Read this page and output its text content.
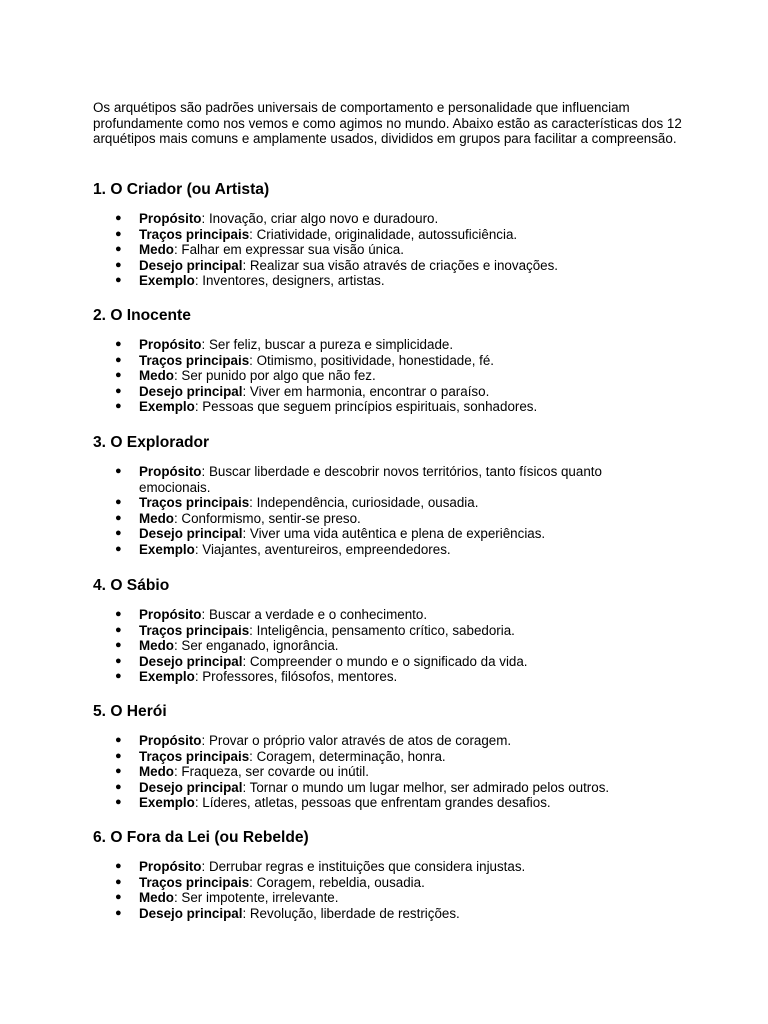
Os arquétipos são padrões universais de comportamento e personalidade que influenciam profundamente como nos vemos e como agimos no mundo. Abaixo estão as características dos 12 arquétipos mais comuns e amplamente usados, divididos em grupos para facilitar a compreensão.

1. O Criador (ou Artista)
●
Propósito: Inovação, criar algo novo e duradouro.
●
Traços principais: Criatividade, originalidade, autossuficiência.
●
Medo: Falhar em expressar sua visão única.
●
Desejo principal: Realizar sua visão através de criações e inovações.
●
Exemplo: Inventores, designers, artistas.
2. O Inocente
●
Propósito: Ser feliz, buscar a pureza e simplicidade.
●
Traços principais: Otimismo, positividade, honestidade, fé.
●
Medo: Ser punido por algo que não fez.
●
Desejo principal: Viver em harmonia, encontrar o paraíso.
●
Exemplo: Pessoas que seguem princípios espirituais, sonhadores.
3. O Explorador
●
Propósito: Buscar liberdade e descobrir novos territórios, tanto físicos quanto emocionais.
●
Traços principais: Independência, curiosidade, ousadia.
●
Medo: Conformismo, sentir-se preso.
●
Desejo principal: Viver uma vida autêntica e plena de experiências.
●
Exemplo: Viajantes, aventureiros, empreendedores.
4. O Sábio
●
Propósito: Buscar a verdade e o conhecimento.
●
Traços principais: Inteligência, pensamento crítico, sabedoria.
●
Medo: Ser enganado, ignorância.
●
Desejo principal: Compreender o mundo e o significado da vida.
●
Exemplo: Professores, filósofos, mentores.
5. O Herói
●
Propósito: Provar o próprio valor através de atos de coragem.
●
Traços principais: Coragem, determinação, honra.
●
Medo: Fraqueza, ser covarde ou inútil.
●
Desejo principal: Tornar o mundo um lugar melhor, ser admirado pelos outros.
●
Exemplo: Líderes, atletas, pessoas que enfrentam grandes desafios.
6. O Fora da Lei (ou Rebelde)
●
Propósito: Derrubar regras e instituições que considera injustas.
●
Traços principais: Coragem, rebeldia, ousadia.
●
Medo: Ser impotente, irrelevante.
●
Desejo principal: Revolução, liberdade de restrições.
